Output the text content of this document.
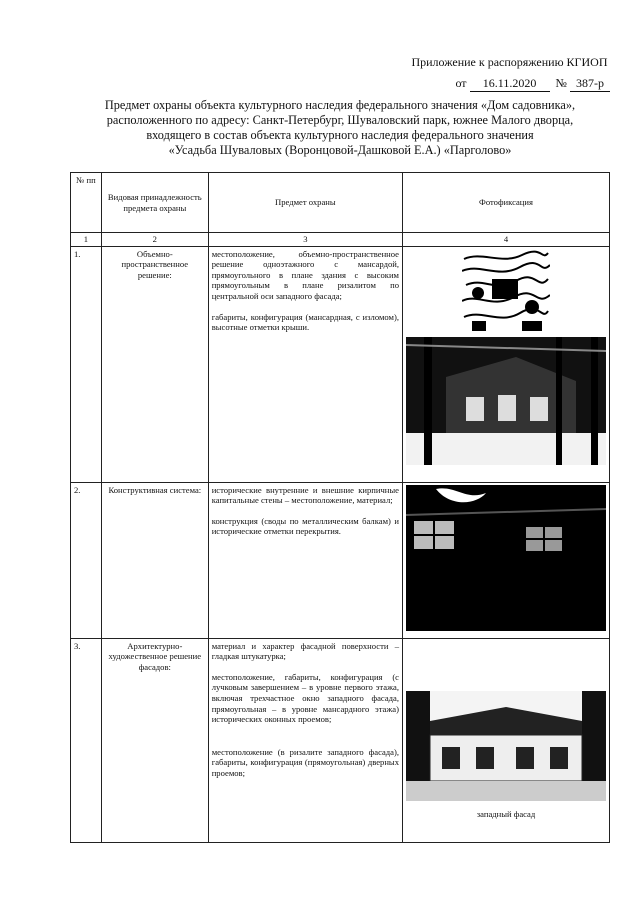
Приложение к распоряжению КГИОП
от 16.11.2020 № 387-р
Предмет охраны объекта культурного наследия федерального значения «Дом садовника»,
расположенного по адресу: Санкт-Петербург, Шуваловский парк, южнее Малого дворца,
входящего в состав объекта культурного наследия федерального значения
«Усадьба Шуваловых (Воронцовой-Дашковой Е.А.) «Парголово»
№ пп	Видовая принадлежность предмета охраны	Предмет охраны	Фотофиксация
1	2	3	4
1.	Объемно-пространственное решение:	местоположение, объемно-пространственное решение одноэтажного с мансардой, прямоугольного в плане здания с высоким прямоугольным в плане ризалитом по центральной оси западного фасада;
габариты, конфигурация (мансардная, с изломом), высотные отметки крыши.

2.	Конструктивная система:	исторические внутренние и внешние кирпичные капитальные стены – местоположение, материал;
конструкция (своды по металлическим балкам) и исторические отметки перекрытия.

3.	Архитектурно-художественное решение фасадов:	материал и характер фасадной поверхности – гладкая штукатурка;
местоположение, габариты, конфигурация (с лучковым завершением – в уровне первого этажа, включая трехчастное окно западного фасада, прямоугольная – в уровне мансардного этажа) исторических оконных проемов;
местоположение (в ризалите западного фасада), габариты, конфигурация (прямоугольная) дверных проемов;	западный фасад
